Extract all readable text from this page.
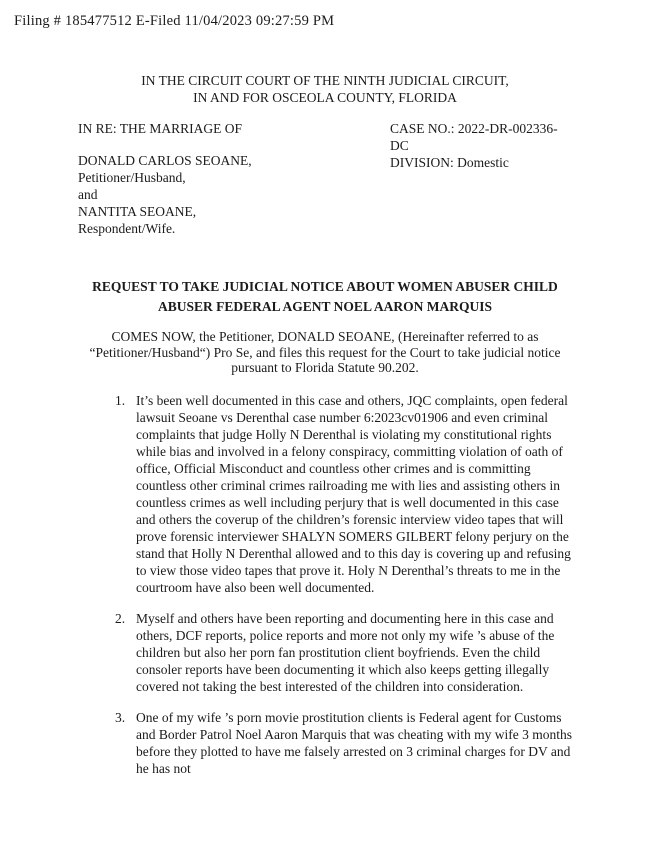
Filing # 185477512 E-Filed 11/04/2023 09:27:59 PM
IN THE CIRCUIT COURT OF THE NINTH JUDICIAL CIRCUIT,
IN AND FOR OSCEOLA COUNTY, FLORIDA
IN RE: THE MARRIAGE OF
DONALD CARLOS SEOANE,
Petitioner/Husband,
and
NANTITA SEOANE,
Respondent/Wife.
CASE NO.: 2022-DR-002336-DC
DIVISION: Domestic
REQUEST TO TAKE JUDICIAL NOTICE ABOUT WOMEN ABUSER CHILD ABUSER FEDERAL AGENT NOEL AARON MARQUIS

COMES NOW, the Petitioner, DONALD SEOANE, (Hereinafter referred to as “Petitioner/Husband“) Pro Se, and files this request for the Court to take judicial notice pursuant to Florida Statute 90.202.

1. It’s been well documented in this case and others, JQC complaints, open federal lawsuit Seoane vs Derenthal case number 6:2023cv01906 and even criminal complaints that judge Holly N Derenthal is violating my constitutional rights while bias and involved in a felony conspiracy, committing violation of oath of office, Official Misconduct and countless other crimes and is committing countless other criminal crimes railroading me with lies and assisting others in countless crimes as well including perjury that is well documented in this case and others the coverup of the children’s forensic interview video tapes that will prove forensic interviewer SHALYN SOMERS GILBERT felony perjury on the stand that Holly N Derenthal allowed and to this day is covering up and refusing to view those video tapes that prove it. Holy N Derenthal’s threats to me in the courtroom have also been well documented.
2. Myself and others have been reporting and documenting here in this case and others, DCF reports, police reports and more not only my wife ’s abuse of the children but also her porn fan prostitution client boyfriends. Even the child consoler reports have been documenting it which also keeps getting illegally covered not taking the best interested of the children into consideration.
3. One of my wife ’s porn movie prostitution clients is Federal agent for Customs and Border Patrol Noel Aaron Marquis that was cheating with my wife 3 months before they plotted to have me falsely arrested on 3 criminal charges for DV and he has not
